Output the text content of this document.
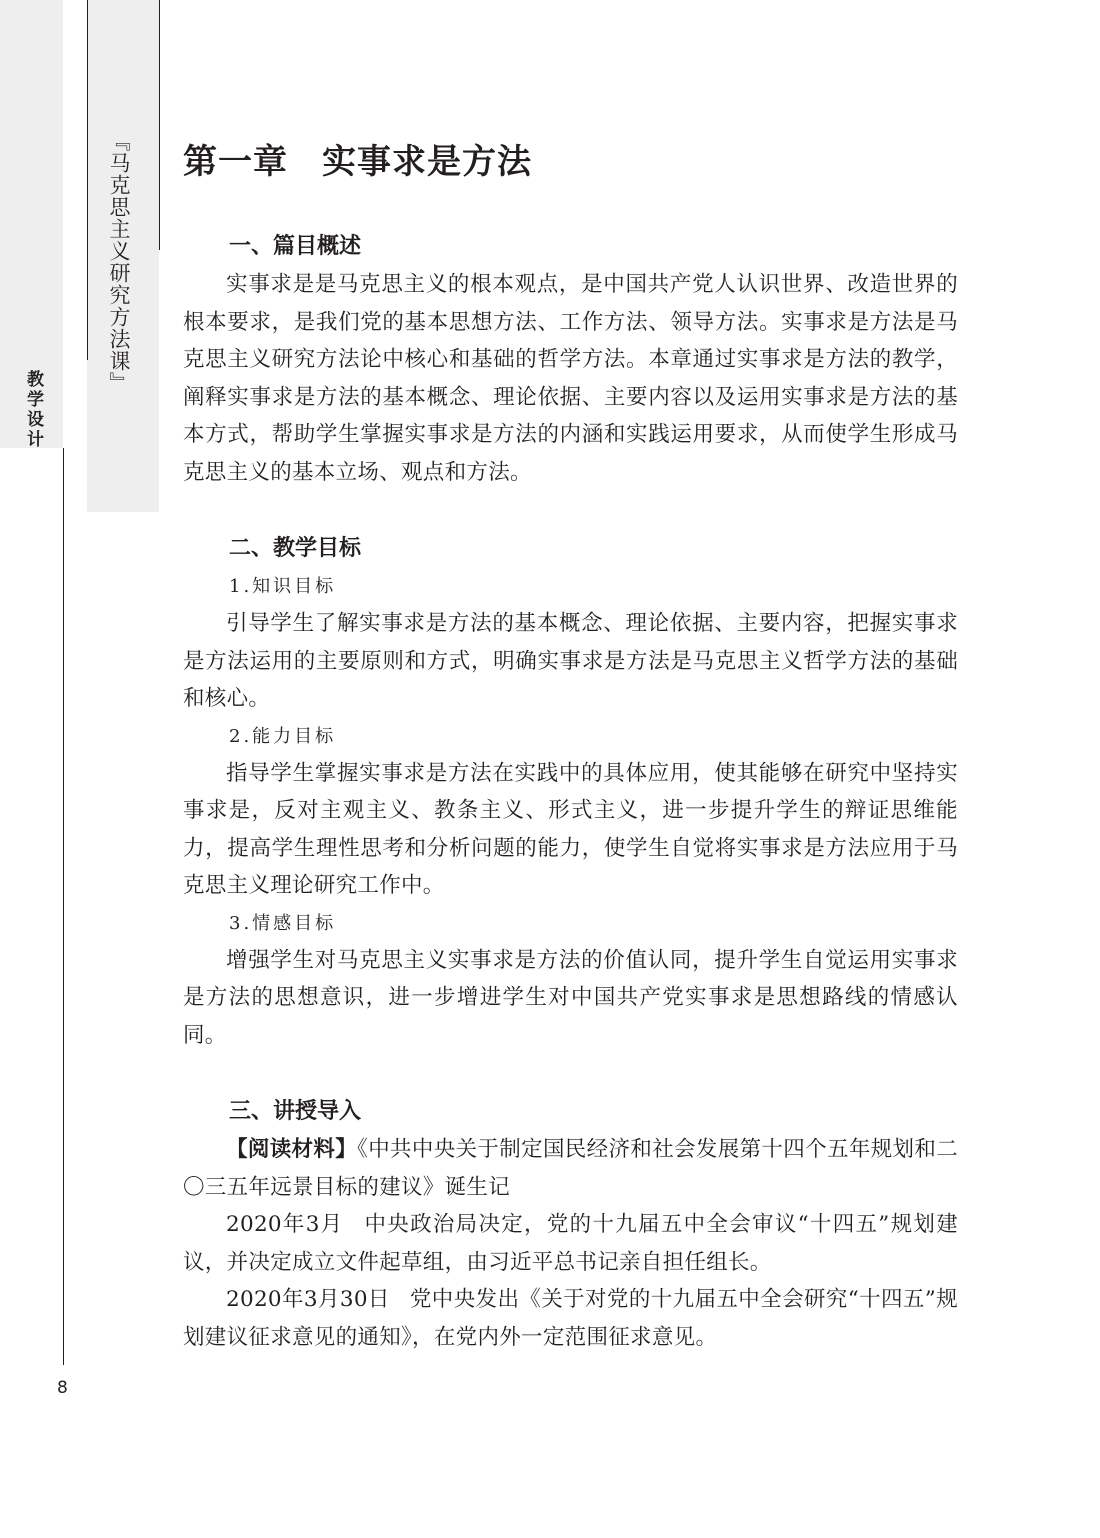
教学设计
『马克思主义研究方法课』
8
第一章 实事求是方法
一、篇目概述

实事求是是马克思主义的根本观点，是中国共产党人认识世界、改造世界的根本要求，是我们党的基本思想方法、工作方法、领导方法。实事求是方法是马克思主义研究方法论中核心和基础的哲学方法。本章通过实事求是方法的教学，阐释实事求是方法的基本概念、理论依据、主要内容以及运用实事求是方法的基本方式，帮助学生掌握实事求是方法的内涵和实践运用要求，从而使学生形成马克思主义的基本立场、观点和方法。

二、教学目标

1.知识目标

引导学生了解实事求是方法的基本概念、理论依据、主要内容，把握实事求是方法运用的主要原则和方式，明确实事求是方法是马克思主义哲学方法的基础和核心。

2.能力目标

指导学生掌握实事求是方法在实践中的具体应用，使其能够在研究中坚持实事求是，反对主观主义、教条主义、形式主义，进一步提升学生的辩证思维能力，提高学生理性思考和分析问题的能力，使学生自觉将实事求是方法应用于马克思主义理论研究工作中。

3.情感目标

增强学生对马克思主义实事求是方法的价值认同，提升学生自觉运用实事求是方法的思想意识，进一步增进学生对中国共产党实事求是思想路线的情感认同。

三、讲授导入

【阅读材料】《中共中央关于制定国民经济和社会发展第十四个五年规划和二〇三五年远景目标的建议》诞生记

2020年3月 中央政治局决定，党的十九届五中全会审议“十四五”规划建议，并决定成立文件起草组，由习近平总书记亲自担任组长。

2020年3月30日 党中央发出《关于对党的十九届五中全会研究“十四五”规划建议征求意见的通知》，在党内外一定范围征求意见。
